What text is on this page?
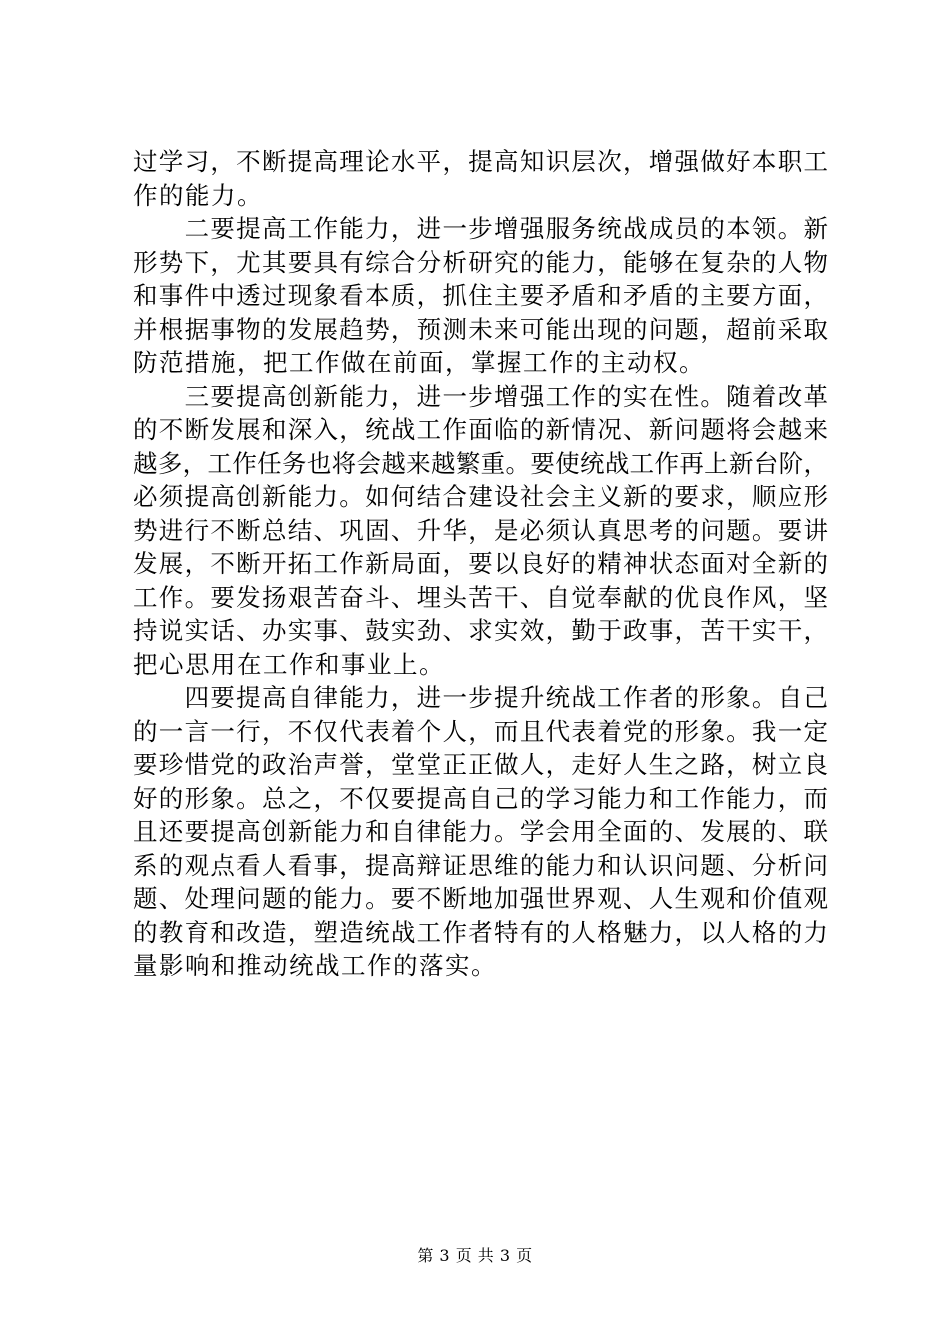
过学习，不断提高理论水平，提高知识层次，增强做好本职工
作的能力。
　　二要提高工作能力，进一步增强服务统战成员的本领。新
形势下，尤其要具有综合分析研究的能力，能够在复杂的人物
和事件中透过现象看本质，抓住主要矛盾和矛盾的主要方面，
并根据事物的发展趋势，预测未来可能出现的问题，超前采取
防范措施，把工作做在前面，掌握工作的主动权。
　　三要提高创新能力，进一步增强工作的实在性。随着改革
的不断发展和深入，统战工作面临的新情况、新问题将会越来
越多，工作任务也将会越来越繁重。要使统战工作再上新台阶，
必须提高创新能力。如何结合建设社会主义新的要求，顺应形
势进行不断总结、巩固、升华，是必须认真思考的问题。要讲
发展，不断开拓工作新局面，要以良好的精神状态面对全新的
工作。要发扬艰苦奋斗、埋头苦干、自觉奉献的优良作风，坚
持说实话、办实事、鼓实劲、求实效，勤于政事，苦干实干，
把心思用在工作和事业上。
　　四要提高自律能力，进一步提升统战工作者的形象。自己
的一言一行，不仅代表着个人，而且代表着党的形象。我一定
要珍惜党的政治声誉，堂堂正正做人，走好人生之路，树立良
好的形象。总之，不仅要提高自己的学习能力和工作能力，而
且还要提高创新能力和自律能力。学会用全面的、发展的、联
系的观点看人看事，提高辩证思维的能力和认识问题、分析问
题、处理问题的能力。要不断地加强世界观、人生观和价值观
的教育和改造，塑造统战工作者特有的人格魅力，以人格的力
量影响和推动统战工作的落实。
第 3 页 共 3 页
